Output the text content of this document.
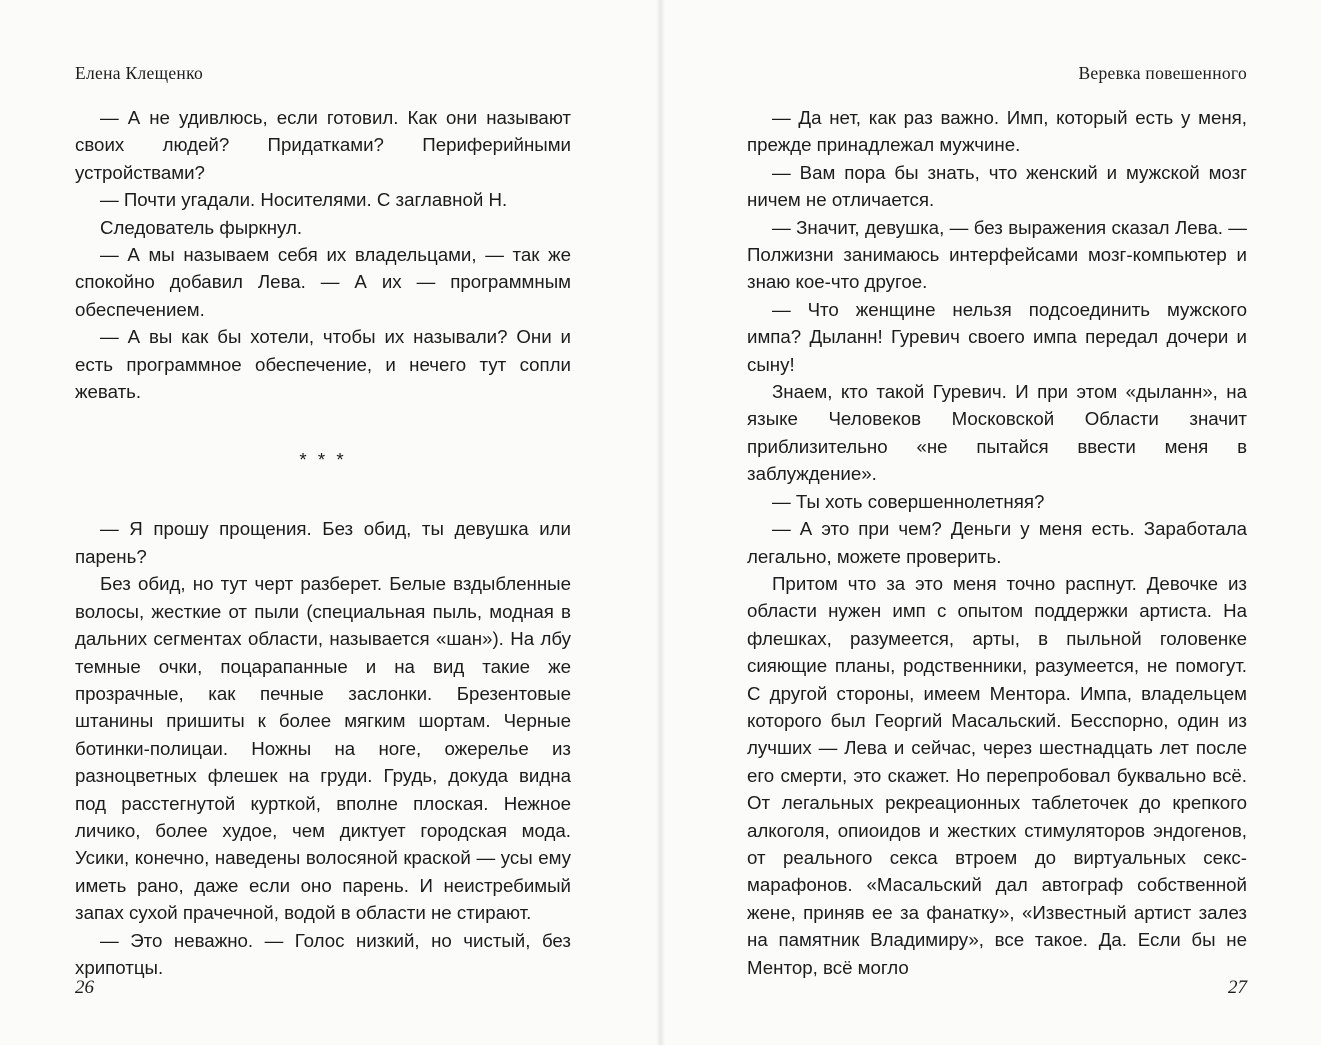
Елена Клещенко

— А не удивлюсь, если готовил. Как они называют своих людей? Придатками? Периферийными устройствами?

— Почти угадали. Носителями. С заглавной Н.

Следователь фыркнул.

— А мы называем себя их владельцами, — так же спокойно добавил Лева. — А их — программным обеспечением.

— А вы как бы хотели, чтобы их называли? Они и есть программное обеспечение, и нечего тут сопли жевать.

* * *

— Я прошу прощения. Без обид, ты девушка или парень?

Без обид, но тут черт разберет. Белые вздыбленные волосы, жесткие от пыли (специальная пыль, модная в дальних сегментах области, называется «шан»). На лбу темные очки, поцарапанные и на вид такие же прозрачные, как печные заслонки. Брезентовые штанины пришиты к более мягким шортам. Черные ботинки-полицаи. Ножны на ноге, ожерелье из разноцветных флешек на груди. Грудь, докуда видна под расстегнутой курткой, вполне плоская. Нежное личико, более худое, чем диктует городская мода. Усики, конечно, наведены волосяной краской — усы ему иметь рано, даже если оно парень. И неистребимый запах сухой прачечной, водой в области не стирают.

— Это неважно. — Голос низкий, но чистый, без хрипотцы.

26
Веревка повешенного

— Да нет, как раз важно. Имп, который есть у меня, прежде принадлежал мужчине.

— Вам пора бы знать, что женский и мужской мозг ничем не отличается.

— Значит, девушка, — без выражения сказал Лева. — Полжизни занимаюсь интерфейсами мозг-компьютер и знаю кое-что другое.

— Что женщине нельзя подсоединить мужского импа? Дыланн! Гуревич своего импа передал дочери и сыну!

Знаем, кто такой Гуревич. И при этом «дыланн», на языке Человеков Московской Области значит приблизительно «не пытайся ввести меня в заблуждение».

— Ты хоть совершеннолетняя?

— А это при чем? Деньги у меня есть. Заработала легально, можете проверить.

Притом что за это меня точно распнут. Девочке из области нужен имп с опытом поддержки артиста. На флешках, разумеется, арты, в пыльной головенке сияющие планы, родственники, разумеется, не помогут. С другой стороны, имеем Ментора. Импа, владельцем которого был Георгий Масальский. Бесспорно, один из лучших — Лева и сейчас, через шестнадцать лет после его смерти, это скажет. Но перепробовал буквально всё. От легальных рекреационных таблеточек до крепкого алкоголя, опиоидов и жестких стимуляторов эндогенов, от реального секса втроем до виртуальных секс-марафонов. «Масальский дал автограф собственной жене, приняв ее за фанатку», «Известный артист залез на памятник Владимиру», все такое. Да. Если бы не Ментор, всё могло

27
